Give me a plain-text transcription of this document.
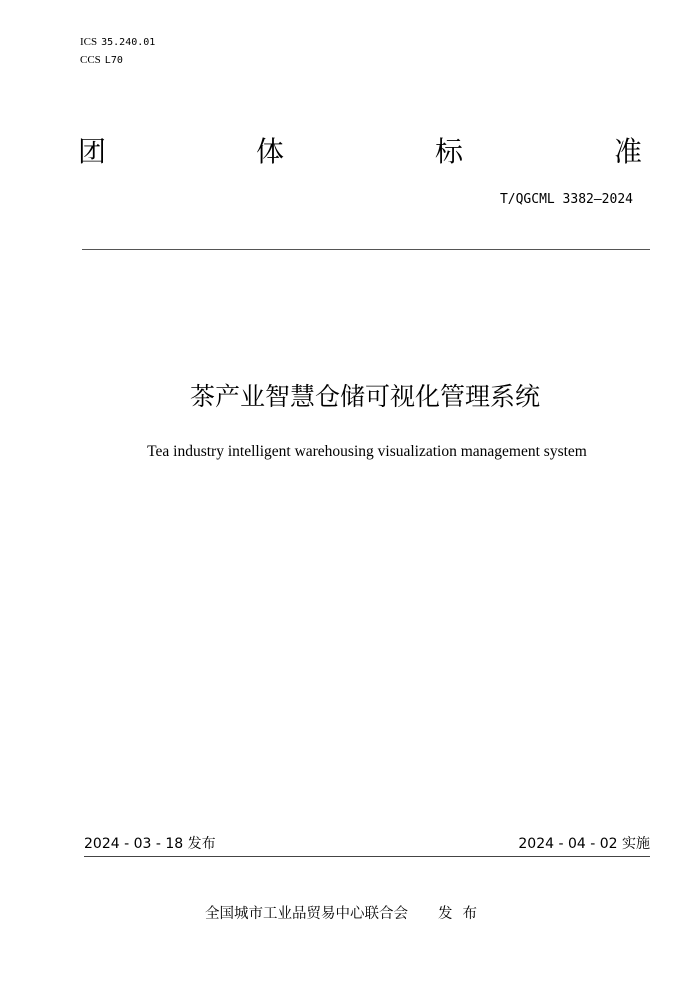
ICS 35.240.01
CCS L70
团	体	标	准
T/QGCML 3382—2024
茶产业智慧仓储可视化管理系统
Tea industry intelligent warehousing visualization management system
2024 - 03 - 18 发布	2024 - 04 - 02 实施
全国城市工业品贸易中心联合会 发布
